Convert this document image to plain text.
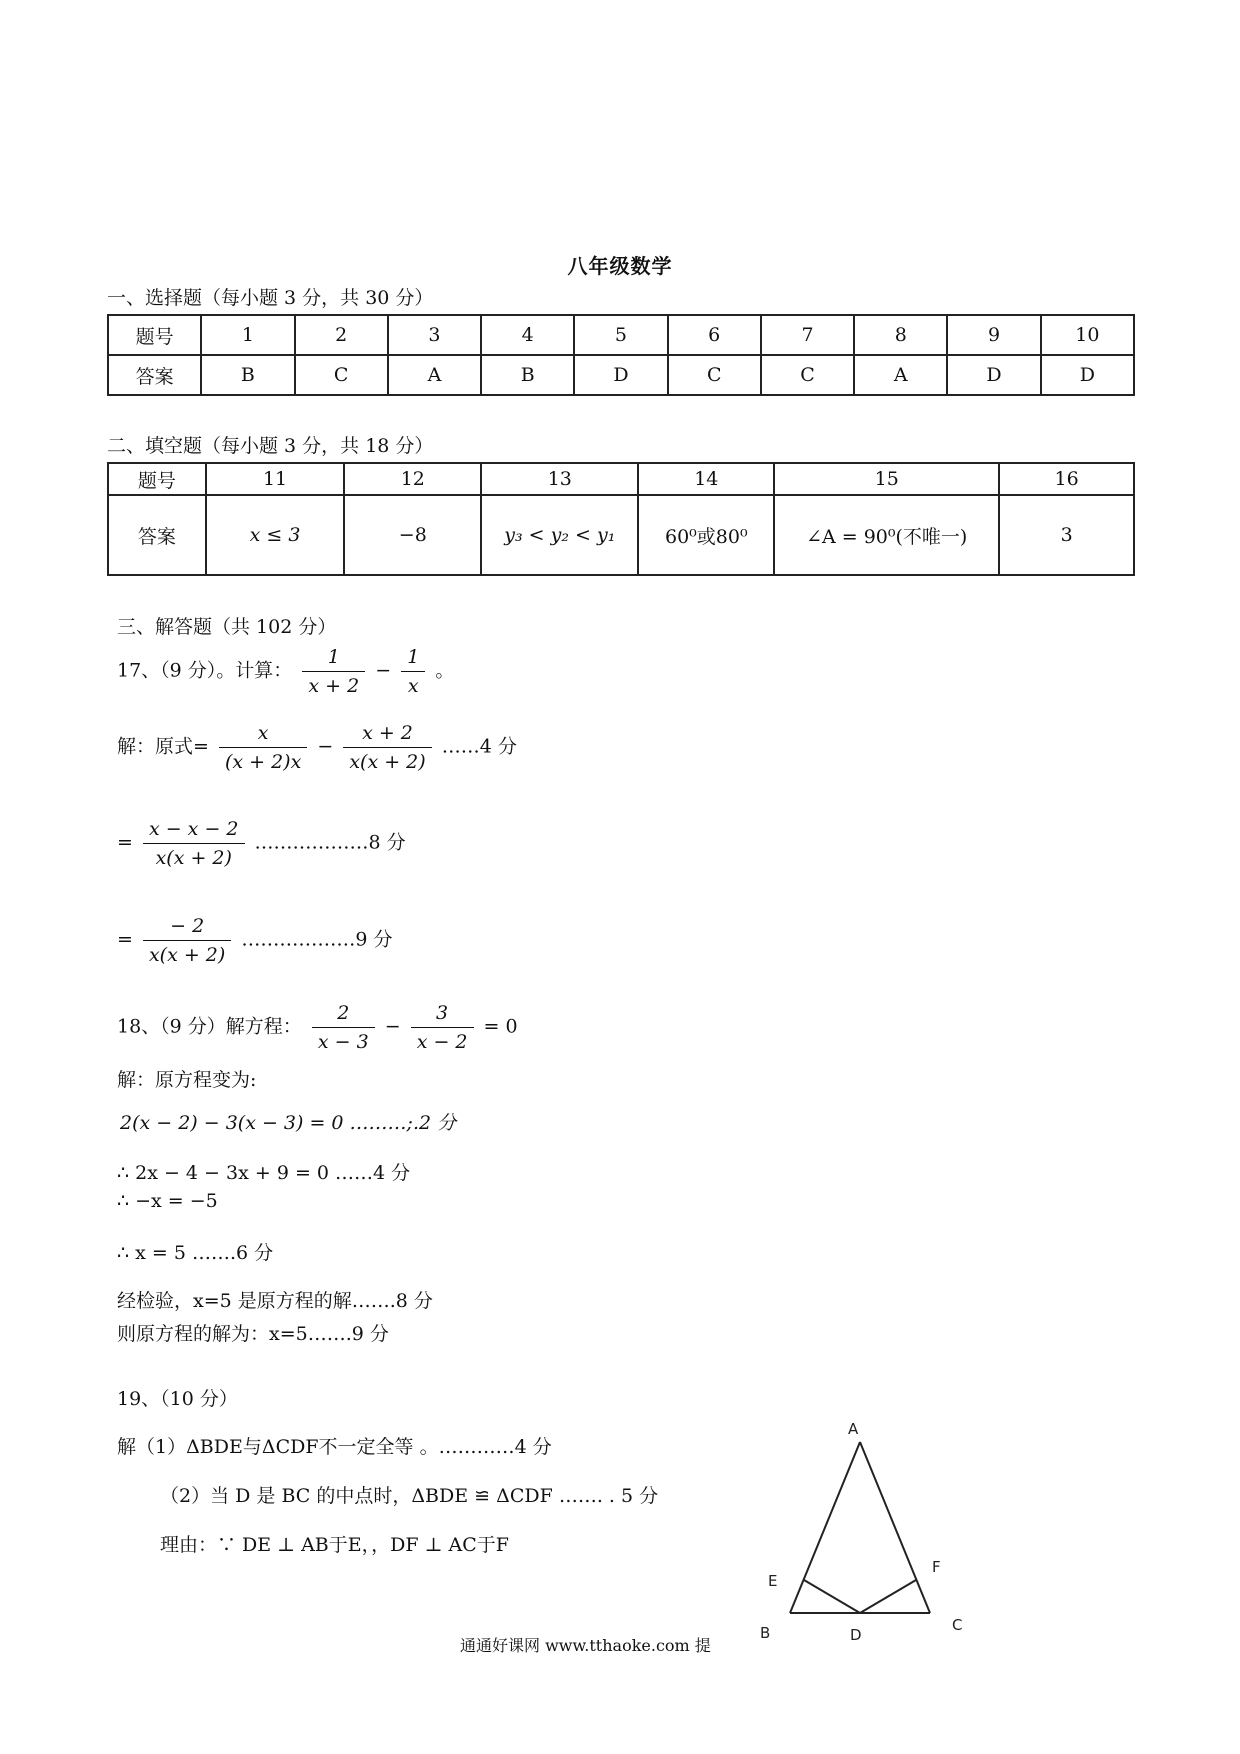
八年级数学
一、选择题（每小题 3 分，共 30 分）
题号	1	2	3	4	5	6	7	8	9	10
答案	B	C	A	B	D	C	C	A	D	D
二、填空题（每小题 3 分，共 18 分）
题号	11	12	13	14	15	16
答案	x ≤ 3	−8	y₃ < y₂ < y₁	60⁰或80⁰	∠A = 90⁰(不唯一)	3
三、解答题（共 102 分）
17、（9 分）。计算： $\frac{1}{x + 2} - \frac{1}{x}$ 。
解：原式= $\frac{x}{(x + 2)x} - \frac{x + 2}{x(x + 2)}$ ……4 分
= $\frac{x - x - 2}{x(x + 2)}$ ………………8 分
= $\frac{- 2}{x(x + 2)}$ ………………9 分
18、（9 分）解方程： $\frac{2}{x - 3} - \frac{3}{x - 2} = 0$
解：原方程变为:
2(x − 2) − 3(x − 3) = 0 ………;.2 分
∴ 2x − 4 − 3x + 9 = 0 ……4 分
∴ −x = −5
∴ x = 5 …….6 分
经检验，x=5 是原方程的解…….8 分
则原方程的解为：x=5…….9 分
19、（10 分）
解（1）ΔBDE与ΔCDF不一定全等 。…………4 分
（2）当 D 是 BC 的中点时，ΔBDE ≌ ΔCDF ……. . 5 分
理由：∵ DE ⊥ AB于E，，DF ⊥ AC于F
A
B	C
D
E
F
通通好课网 www.tthaoke.com 提
